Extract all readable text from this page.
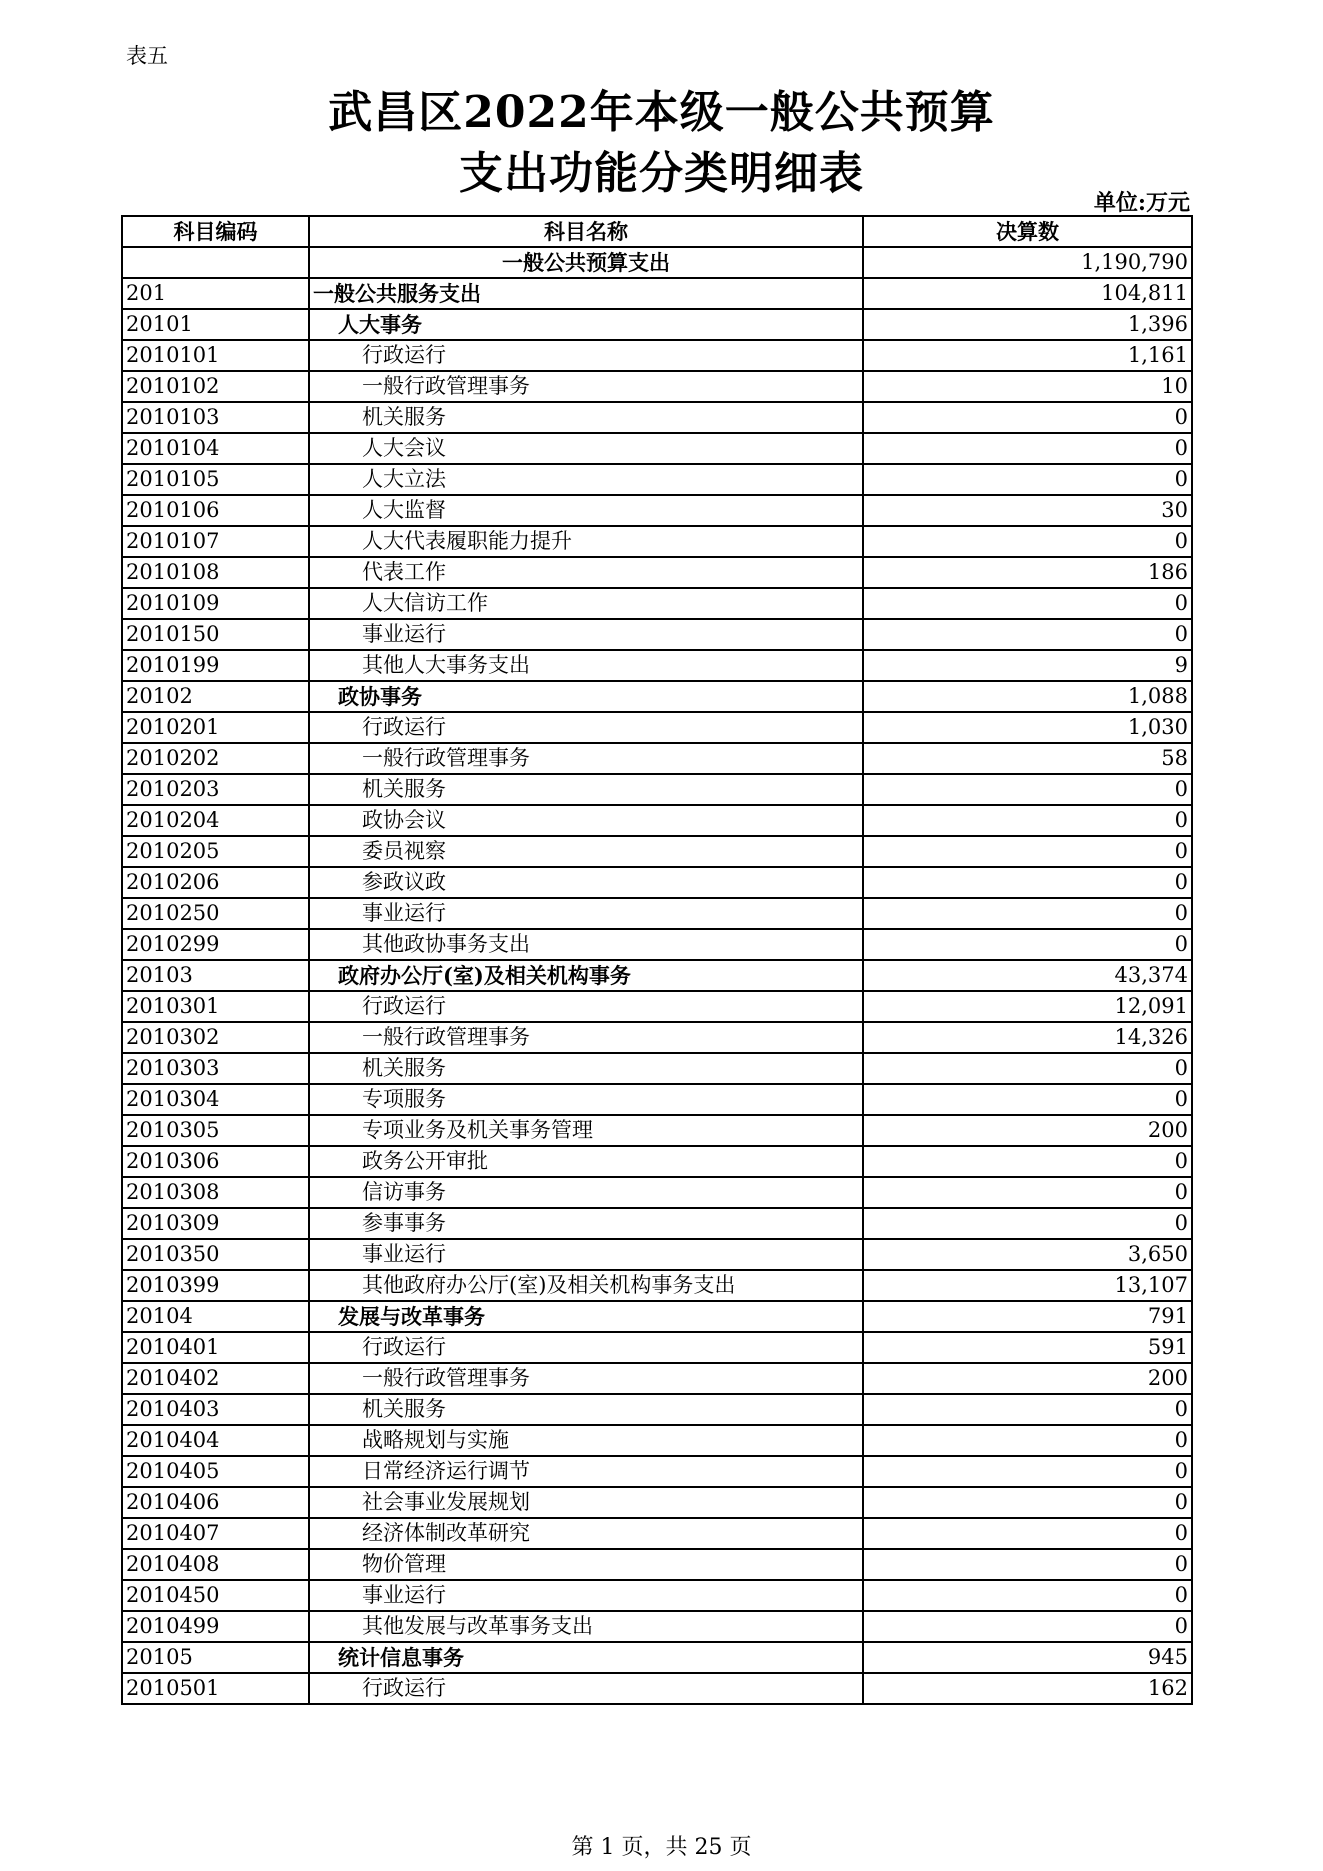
表五
武昌区2022年本级一般公共预算
支出功能分类明细表
单位:万元
科目编码	科目名称	决算数
	一般公共预算支出	1,190,790
201	一般公共服务支出	104,811
20101	人大事务	1,396
2010101	行政运行	1,161
2010102	一般行政管理事务	10
2010103	机关服务	0
2010104	人大会议	0
2010105	人大立法	0
2010106	人大监督	30
2010107	人大代表履职能力提升	0
2010108	代表工作	186
2010109	人大信访工作	0
2010150	事业运行	0
2010199	其他人大事务支出	9
20102	政协事务	1,088
2010201	行政运行	1,030
2010202	一般行政管理事务	58
2010203	机关服务	0
2010204	政协会议	0
2010205	委员视察	0
2010206	参政议政	0
2010250	事业运行	0
2010299	其他政协事务支出	0
20103	政府办公厅(室)及相关机构事务	43,374
2010301	行政运行	12,091
2010302	一般行政管理事务	14,326
2010303	机关服务	0
2010304	专项服务	0
2010305	专项业务及机关事务管理	200
2010306	政务公开审批	0
2010308	信访事务	0
2010309	参事事务	0
2010350	事业运行	3,650
2010399	其他政府办公厅(室)及相关机构事务支出	13,107
20104	发展与改革事务	791
2010401	行政运行	591
2010402	一般行政管理事务	200
2010403	机关服务	0
2010404	战略规划与实施	0
2010405	日常经济运行调节	0
2010406	社会事业发展规划	0
2010407	经济体制改革研究	0
2010408	物价管理	0
2010450	事业运行	0
2010499	其他发展与改革事务支出	0
20105	统计信息事务	945
2010501	行政运行	162
第 1 页，共 25 页
